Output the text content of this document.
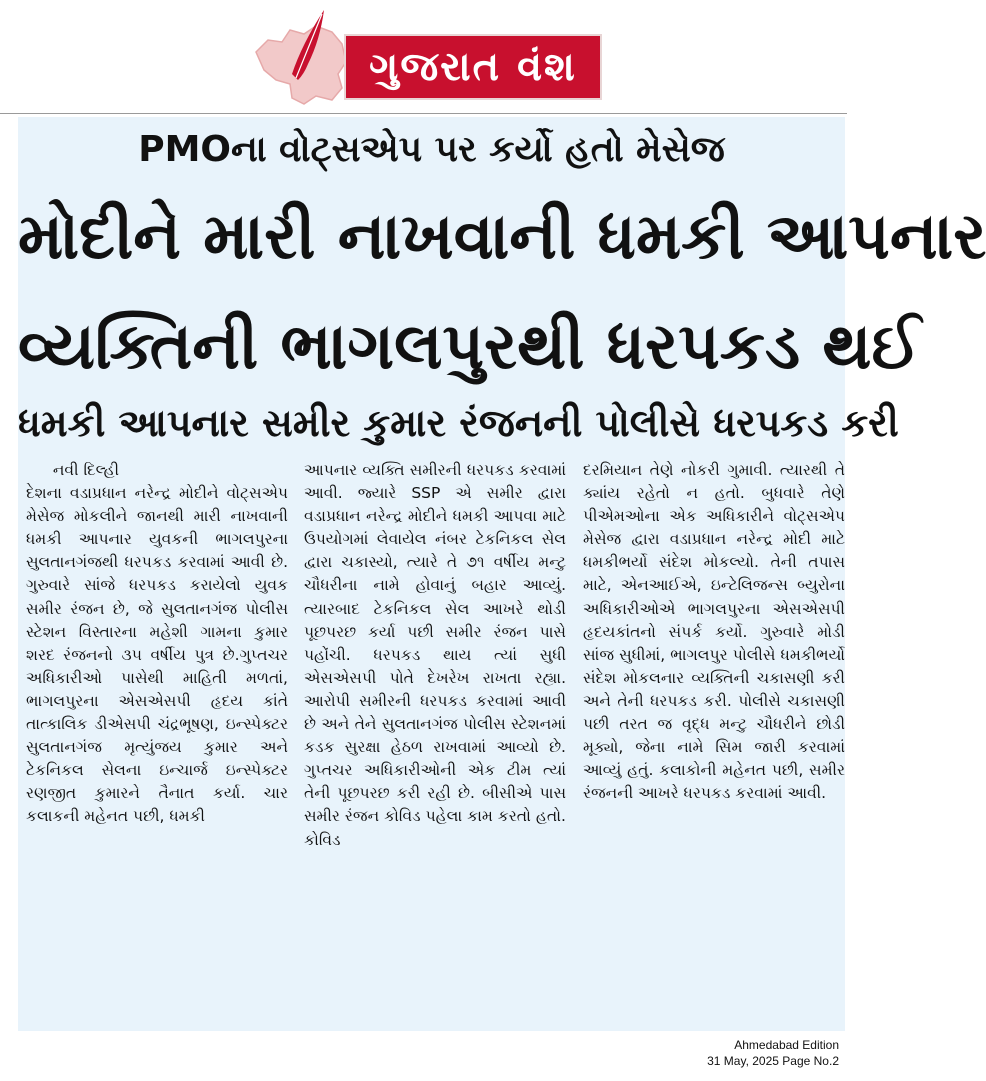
ગુજરાત વંશ
PMOના વોટ્સએપ પર કર્યો હતો મેસેજ
મોદીને મારી નાખવાની ધમકી આપનાર
વ્યક્તિની ભાગલપુરથી ધરપકડ થઈ
ધમકી આપનાર સમીર કુમાર રંજનની પોલીસે ધરપકડ કરી
નવી દિલ્હી
દેશના વડાપ્રધાન નરેન્દ્ર મોદીને વોટ્સએપ મેસેજ મોકલીને જાનથી મારી નાખવાની ધમકી આપનાર યુવકની ભાગલપુરના સુલતાનગંજથી ધરપકડ કરવામાં આવી છે. ગુરુવારે સાંજે ધરપકડ કરાયેલો યુવક સમીર રંજન છે, જે સુલતાનગંજ પોલીસ સ્ટેશન વિસ્તારના મહેશી ગામના કુમાર શરદ રંજનનો ૩૫ વર્ષીય પુત્ર છે.ગુપ્તચર અધિકારીઓ પાસેથી માહિતી મળતાં, ભાગલપુરના એસએસપી હૃદય કાંતે તાત્કાલિક ડીએસપી ચંદ્રભૂષણ, ઇન્સ્પેક્ટર સુલતાનગંજ મૃત્યુંજય કુમાર અને ટેકનિકલ સેલના ઇન્ચાર્જ ઇન્સ્પેક્ટર રણજીત કુમારને તૈનાત કર્યા. ચાર કલાકની મહેનત પછી, ધમકી
આપનાર વ્યક્તિ સમીરની ધરપકડ કરવામાં આવી. જ્યારે SSP એ સમીર દ્વારા વડાપ્રધાન નરેન્દ્ર મોદીને ધમકી આપવા માટે ઉપયોગમાં લેવાયેલ નંબર ટેકનિકલ સેલ દ્વારા ચકાસ્યો, ત્યારે તે ૭૧ વર્ષીય મન્ટુ ચૌધરીના નામે હોવાનું બહાર આવ્યું. ત્યારબાદ ટેકનિકલ સેલ આખરે થોડી પૂછપરછ કર્યા પછી સમીર રંજન પાસે પહોંચી. ધરપકડ થાય ત્યાં સુધી એસએસપી પોતે દેખરેખ રાખતા રહ્યા. આરોપી સમીરની ધરપકડ કરવામાં આવી છે અને તેને સુલતાનગંજ પોલીસ સ્ટેશનમાં કડક સુરક્ષા હેઠળ રાખવામાં આવ્યો છે. ગુપ્તચર અધિકારીઓની એક ટીમ ત્યાં તેની પૂછપરછ કરી રહી છે. બીસીએ પાસ સમીર રંજન કોવિડ પહેલા કામ કરતો હતો. કોવિડ
દરમિયાન તેણે નોકરી ગુમાવી. ત્યારથી તે ક્યાંય રહેતો ન હતો. બુધવારે તેણે પીએમઓના એક અધિકારીને વોટ્સએપ મેસેજ દ્વારા વડાપ્રધાન નરેન્દ્ર મોદી માટે ધમકીભર્યો સંદેશ મોકલ્યો. તેની તપાસ માટે, એનઆઈએ, ઇન્ટેલિજન્સ બ્યુરોના અધિકારીઓએ ભાગલપુરના એસએસપી હૃદયકાંતનો સંપર્ક કર્યો. ગુરુવારે મોડી સાંજ સુધીમાં, ભાગલપુર પોલીસે ધમકીભર્યો સંદેશ મોકલનાર વ્યક્તિની ચકાસણી કરી અને તેની ધરપકડ કરી. પોલીસે ચકાસણી પછી તરત જ વૃદ્ધ મન્ટુ ચૌધરીને છોડી મૂક્યો, જેના નામે સિમ જારી કરવામાં આવ્યું હતું. કલાકોની મહેનત પછી, સમીર રંજનની આખરે ધરપકડ કરવામાં આવી.
Ahmedabad Edition
31 May, 2025 Page No.2
